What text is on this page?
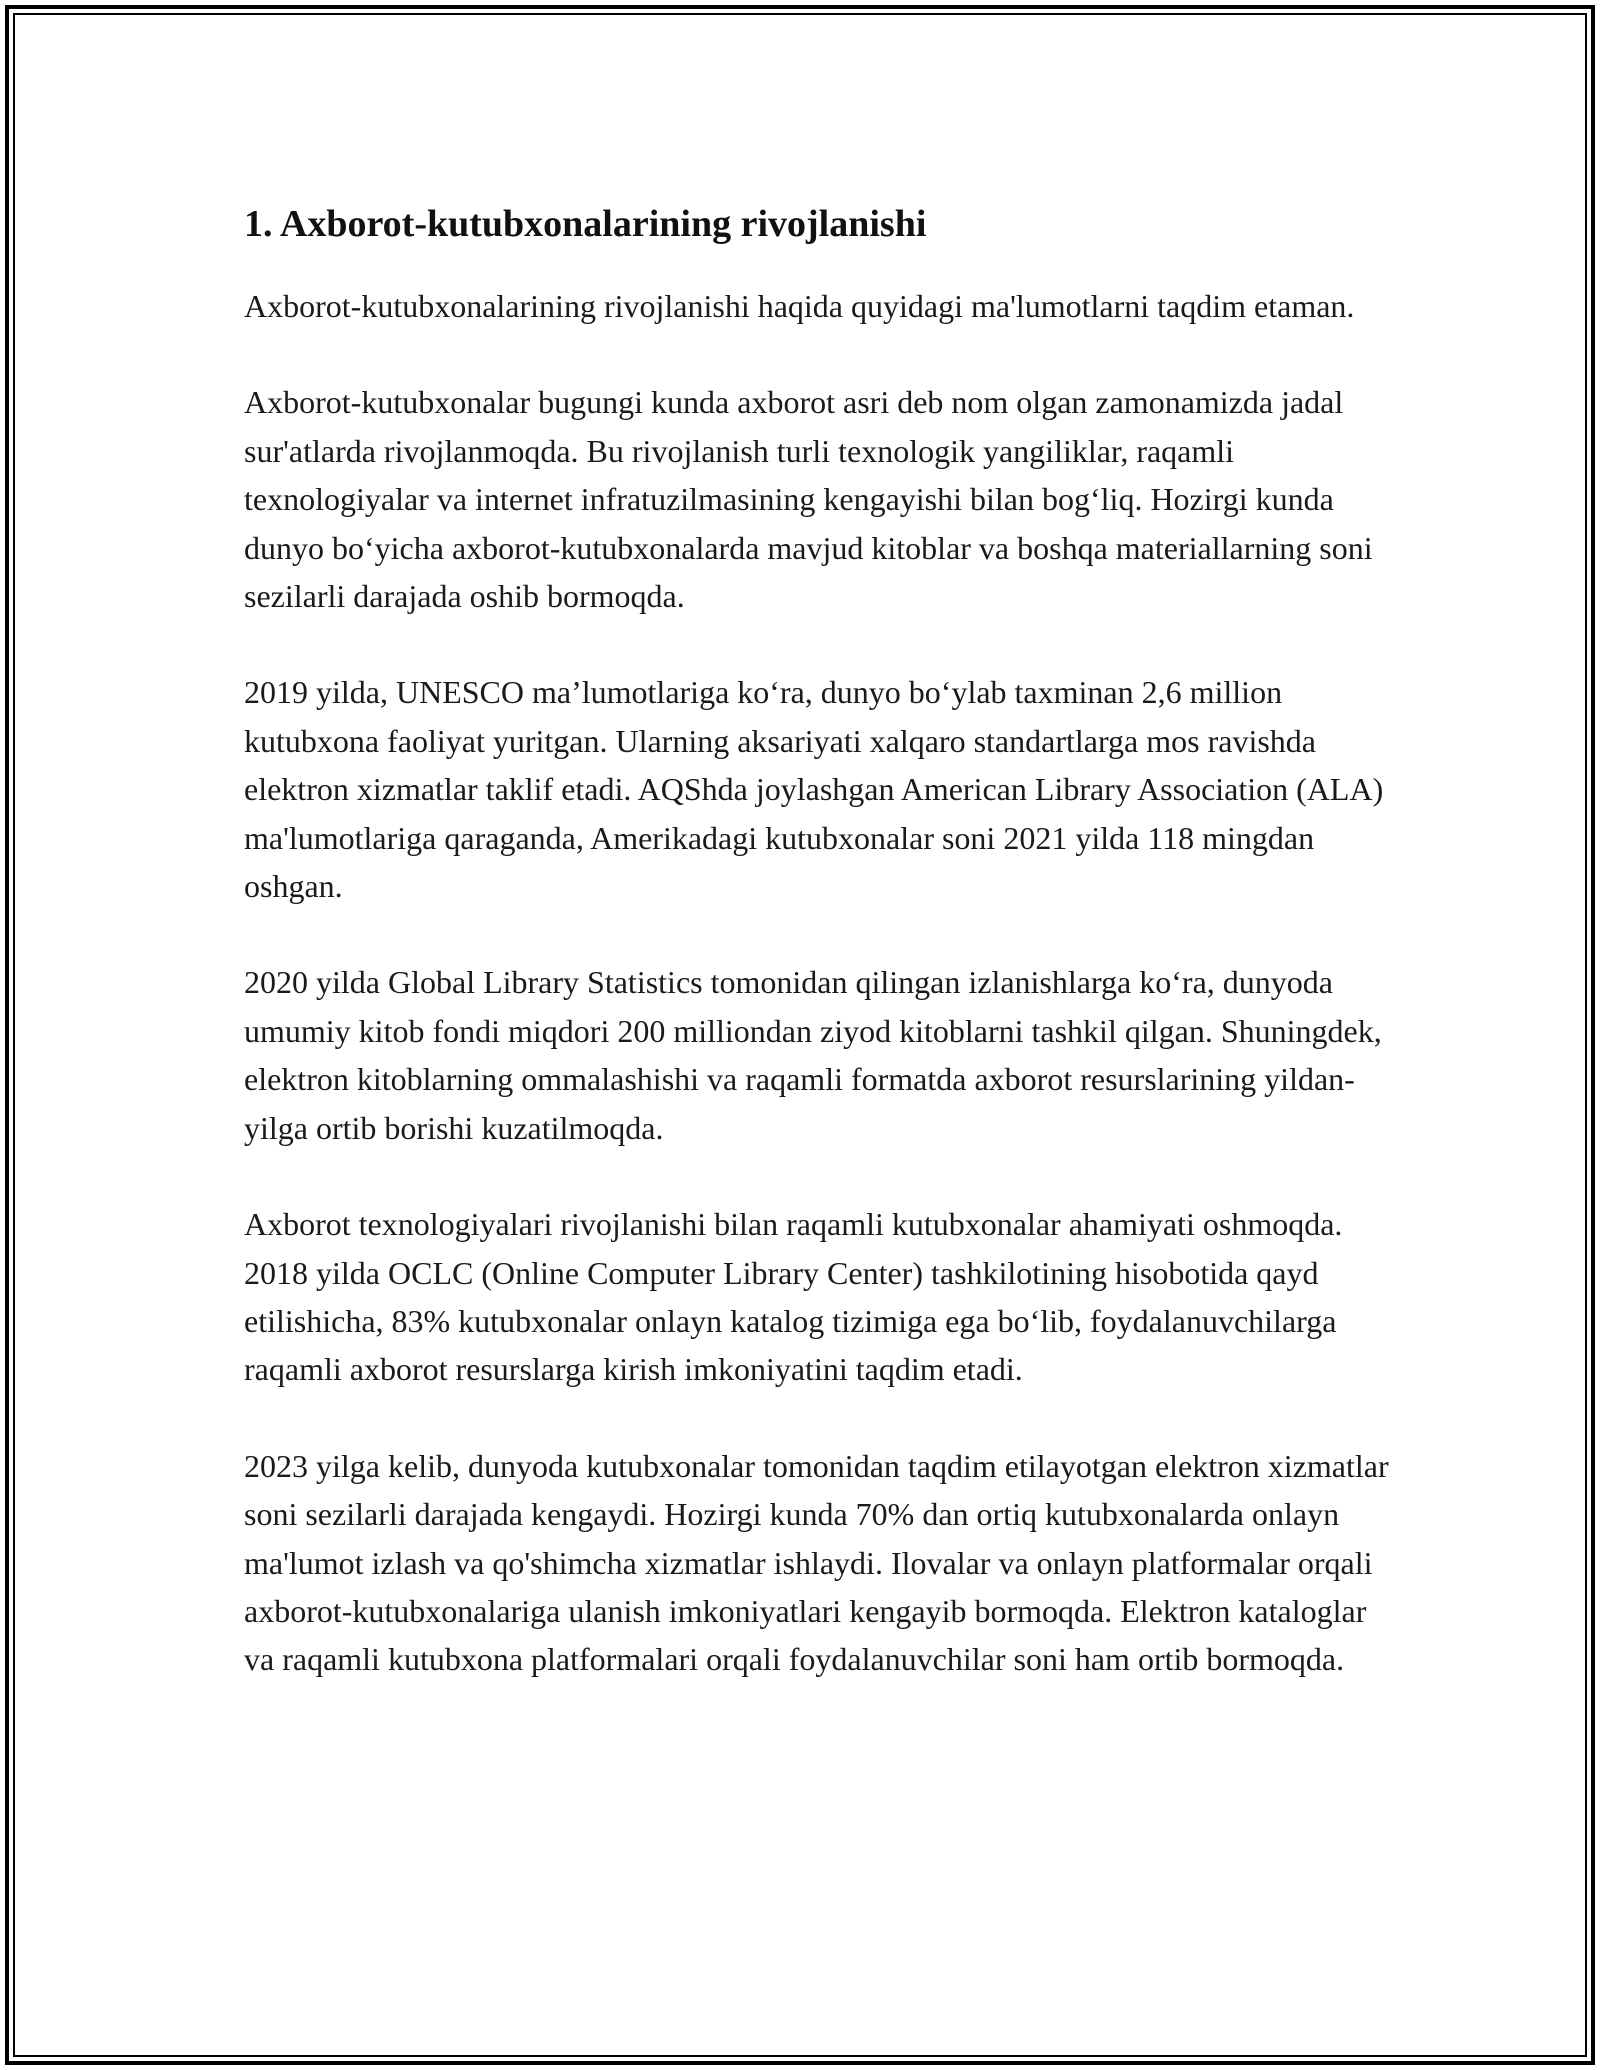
1. Axborot-kutubxonalarining rivojlanishi

Axborot-kutubxonalarining rivojlanishi haqida quyidagi ma'lumotlarni taqdim etaman.

Axborot-kutubxonalar bugungi kunda axborot asri deb nom olgan zamonamizda jadal sur'atlarda rivojlanmoqda. Bu rivojlanish turli texnologik yangiliklar, raqamli texnologiyalar va internet infratuzilmasining kengayishi bilan bog‘liq. Hozirgi kunda dunyo bo‘yicha axborot-kutubxonalarda mavjud kitoblar va boshqa materiallarning soni sezilarli darajada oshib bormoqda.

2019 yilda, UNESCO ma’lumotlariga ko‘ra, dunyo bo‘ylab taxminan 2,6 million kutubxona faoliyat yuritgan. Ularning aksariyati xalqaro standartlarga mos ravishda elektron xizmatlar taklif etadi. AQShda joylashgan American Library Association (ALA) ma'lumotlariga qaraganda, Amerikadagi kutubxonalar soni 2021 yilda 118 mingdan oshgan.

2020 yilda Global Library Statistics tomonidan qilingan izlanishlarga ko‘ra, dunyoda umumiy kitob fondi miqdori 200 milliondan ziyod kitoblarni tashkil qilgan. Shuningdek, elektron kitoblarning ommalashishi va raqamli formatda axborot resurslarining yildan-yilga ortib borishi kuzatilmoqda.

Axborot texnologiyalari rivojlanishi bilan raqamli kutubxonalar ahamiyati oshmoqda. 2018 yilda OCLC (Online Computer Library Center) tashkilotining hisobotida qayd etilishicha, 83% kutubxonalar onlayn katalog tizimiga ega bo‘lib, foydalanuvchilarga raqamli axborot resurslarga kirish imkoniyatini taqdim etadi.

2023 yilga kelib, dunyoda kutubxonalar tomonidan taqdim etilayotgan elektron xizmatlar soni sezilarli darajada kengaydi. Hozirgi kunda 70% dan ortiq kutubxonalarda onlayn ma'lumot izlash va qo'shimcha xizmatlar ishlaydi. Ilovalar va onlayn platformalar orqali axborot-kutubxonalariga ulanish imkoniyatlari kengayib bormoqda. Elektron kataloglar va raqamli kutubxona platformalari orqali foydalanuvchilar soni ham ortib bormoqda.
